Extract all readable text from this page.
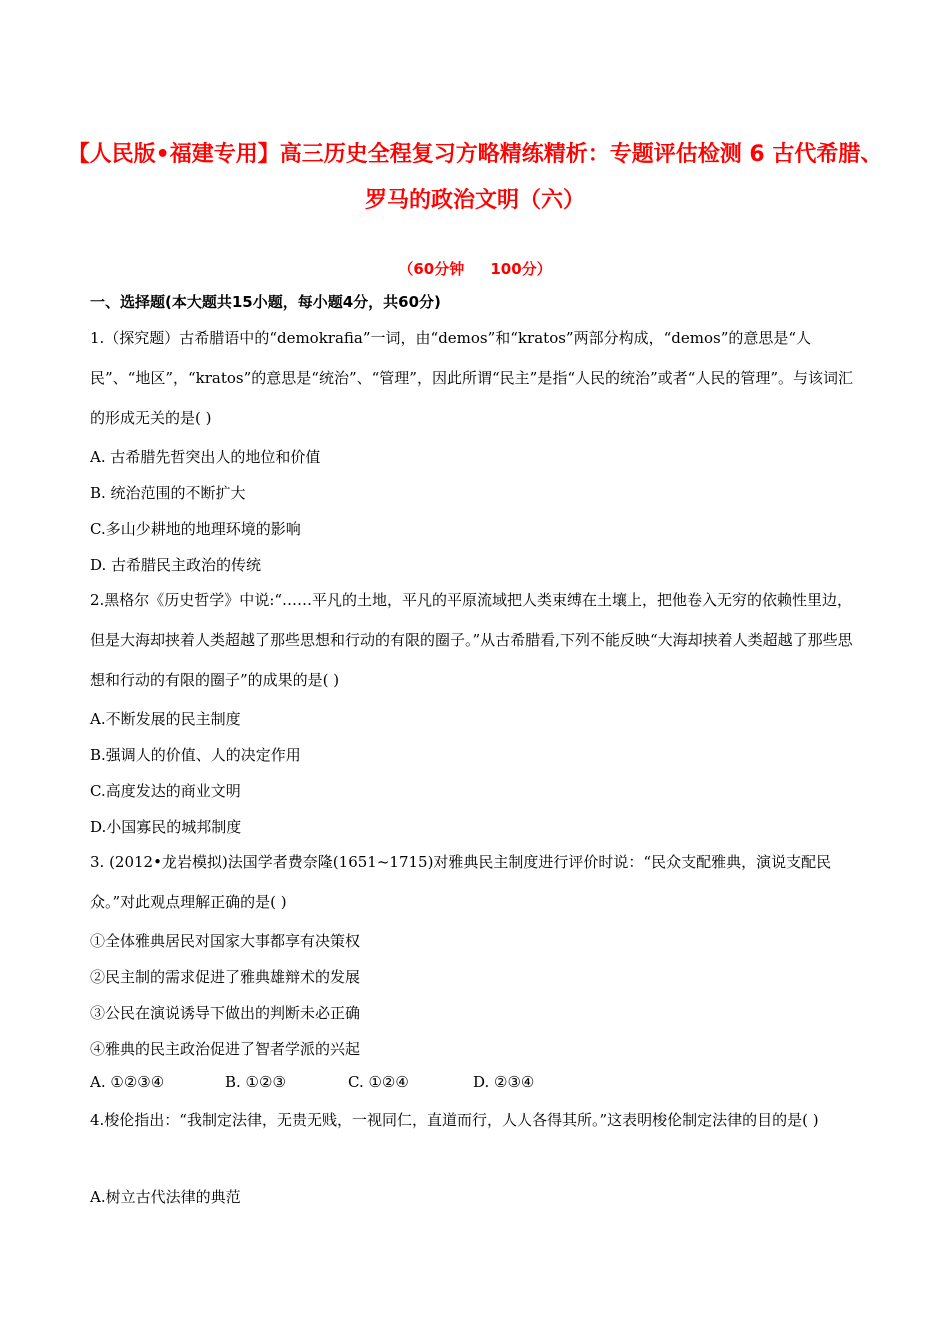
【人民版•福建专用】高三历史全程复习方略精练精析：专题评估检测 6 古代希腊、罗马的政治文明（六）
（60分钟     100分）
一、选择题(本大题共15小题，每小题4分，共60分)
1.（探究题）古希腊语中的“demokrafia”一词，由“demos”和“kratos”两部分构成，“demos”的意思是“人民”、“地区”，“kratos”的意思是“统治”、“管理”，因此所谓“民主”是指“人民的统治”或者“人民的管理”。与该词汇的形成无关的是( )
A. 古希腊先哲突出人的地位和价值
B. 统治范围的不断扩大
C.多山少耕地的地理环境的影响
D. 古希腊民主政治的传统
2.黑格尔《历史哲学》中说:“……平凡的土地，平凡的平原流域把人类束缚在土壤上，把他卷入无穷的依赖性里边，但是大海却挟着人类超越了那些思想和行动的有限的圈子。”从古希腊看,下列不能反映“大海却挟着人类超越了那些思想和行动的有限的圈子”的成果的是( )
A.不断发展的民主制度
B.强调人的价值、人的决定作用
C.高度发达的商业文明
D.小国寡民的城邦制度
3. (2012•龙岩模拟)法国学者费奈隆(1651~1715)对雅典民主制度进行评价时说：“民众支配雅典，演说支配民众。”对此观点理解正确的是( )
①全体雅典居民对国家大事都享有决策权
②民主制的需求促进了雅典雄辩术的发展
③公民在演说诱导下做出的判断未必正确
④雅典的民主政治促进了智者学派的兴起
A. ①②③④	B. ①②③	C. ①②④	D. ②③④
4.梭伦指出：“我制定法律，无贵无贱，一视同仁，直道而行，人人各得其所。”这表明梭伦制定法律的目的是( )
A.树立古代法律的典范
